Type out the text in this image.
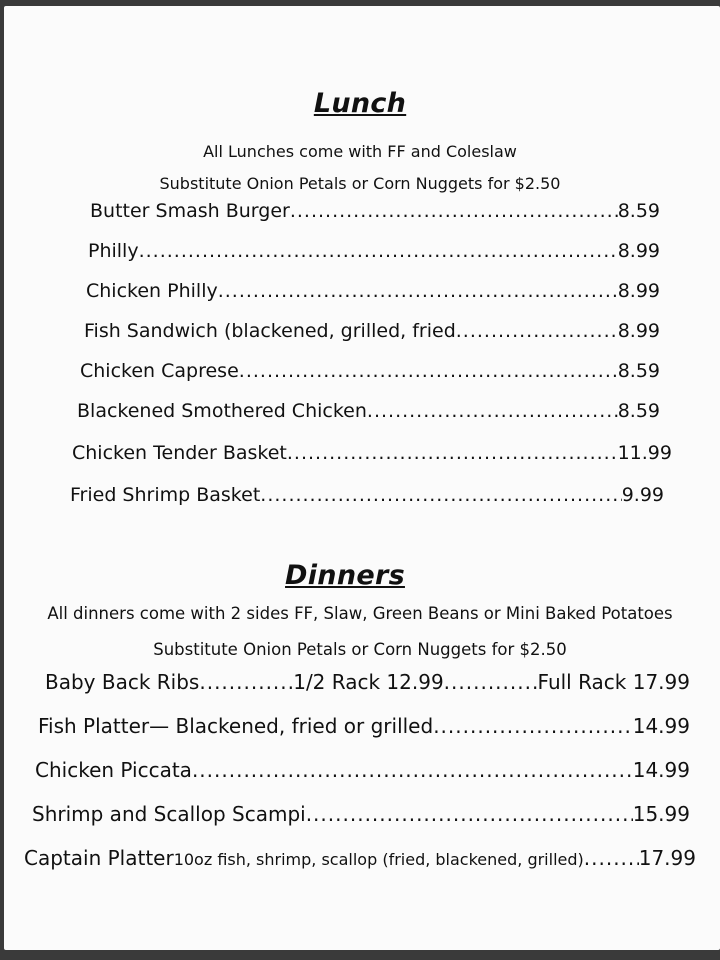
Lunch
All Lunches come with FF and Coleslaw
Substitute Onion Petals or Corn Nuggets for $2.50
Butter Smash Burger .....	8.59
Philly .....	8.99
Chicken Philly .....	8.99
Fish Sandwich (blackened, grilled, fried .....	8.99
Chicken Caprese .....	8.59
Blackened Smothered Chicken .....	8.59
Chicken Tender Basket .....	11.99
Fried Shrimp Basket .....	9.99
Dinners
All dinners come with 2 sides FF, Slaw, Green Beans or Mini Baked Potatoes
Substitute Onion Petals or Corn Nuggets for $2.50
Baby Back Ribs .....	1/2 Rack 12.99 .....	Full Rack 17.99
Fish Platter— Blackened, fried or grilled .....	14.99
Chicken Piccata .....	14.99
Shrimp and Scallop Scampi .....	15.99
Captain Platter 10oz fish, shrimp, scallop (fried, blackened, grilled) .....	17.99
